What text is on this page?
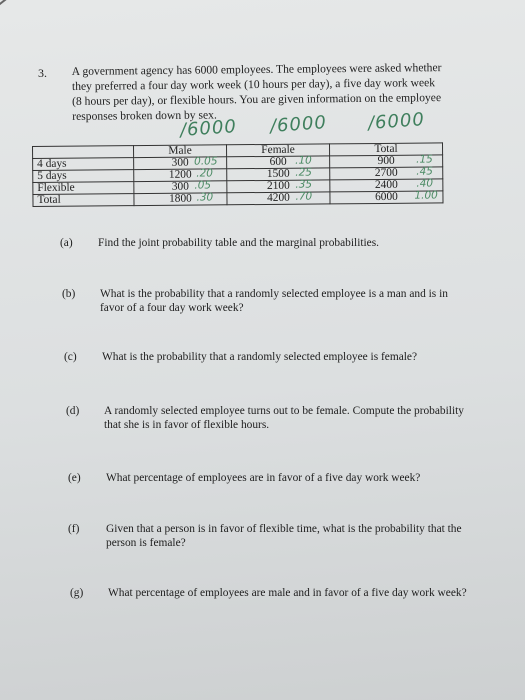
3. A government agency has 6000 employees. The employees were asked whether they preferred a four day work week (10 hours per day), a five day work week (8 hours per day), or flexible hours. You are given information on the employee responses broken down by sex.
/6000 /6000 /6000
	Male	Female	Total
4 days	300 0.05	600 .10	900 .15

5 days	1200 .20	1500 .25	2700 .45

Flexible	300 .05	2100 .35	2400 .40

Total	1800 .30	4200 .70	6000 1.00
(a) Find the joint probability table and the marginal probabilities.
(b) What is the probability that a randomly selected employee is a man and is in favor of a four day work week?
(c) What is the probability that a randomly selected employee is female?
(d) A randomly selected employee turns out to be female. Compute the probability that she is in favor of flexible hours.
(e) What percentage of employees are in favor of a five day work week?
(f) Given that a person is in favor of flexible time, what is the probability that the person is female?
(g) What percentage of employees are male and in favor of a five day work week?
